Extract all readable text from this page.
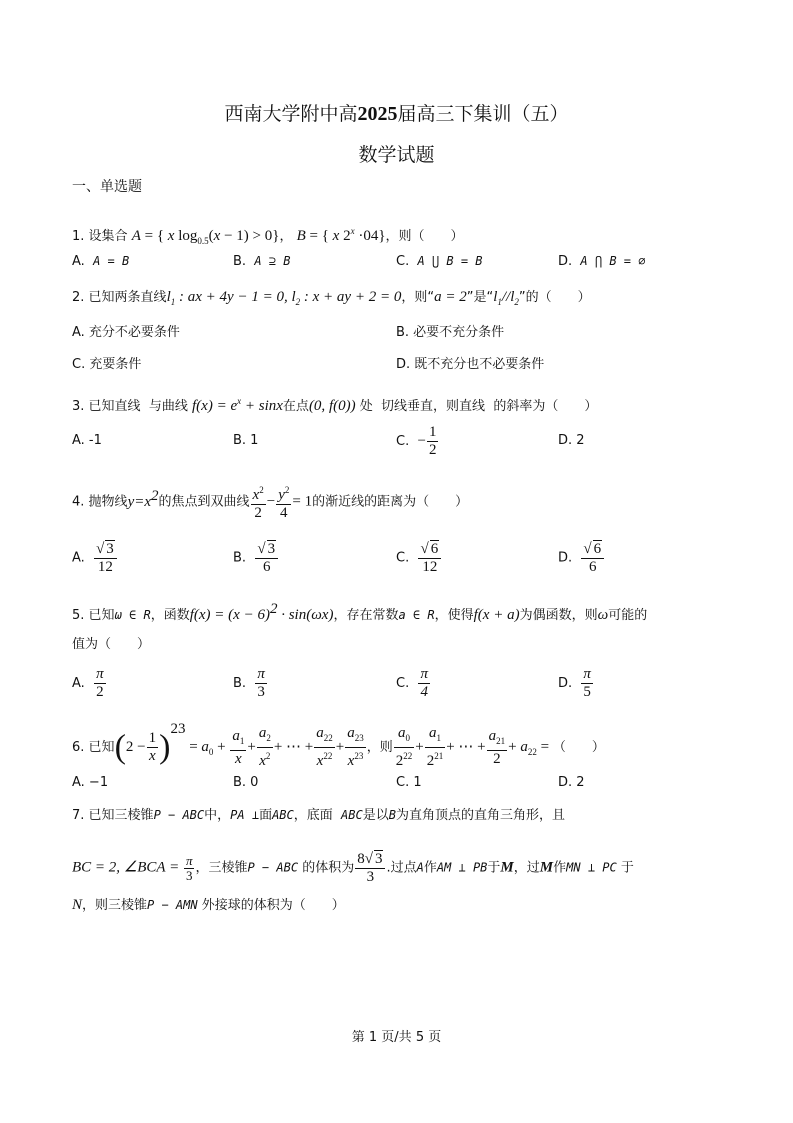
西南大学附中高2025届高三下集训（五）
数学试题
一、单选题
1. 设集合 A = { x $\log_{0.5}(x - 1) > 0$}， B = { x $2^x \cdot 04$}，则（　　）
A. A = B	B. A ⊇ B	C. A ⋃ B = B	D. A ⋂ B = ∅
2. 已知两条直线$l_1$ : ax + 4y − 1 = 0, $l_2$ : x + ay + 2 = 0，则“a = 2”是“$l_1//l_2$”的（　　）
A. 充分不必要条件	B. 必要不充分条件
C. 充要条件	D. 既不充分也不必要条件
3. 已知直线 与曲线 $f(x) = e^x + \sin x$在点(0, f(0)) 处 切线垂直，则直线 的斜率为（　　）
A. -1	B. 1	C. − $\frac{1}{2}$	D. 2
4. 抛物线$y=x^2$的焦点到双曲线 $\frac{x^2}{2} - \frac{y^2}{4} = 1$的渐近线的距离为（　　）
A. $\frac{√ 3}{12}$	B. $\frac{√ 3}{6}$	C. $\frac{√ 6}{12}$	D. $\frac{√ 6}{6}$
5. 已知ω ∈ R，函数$f(x) = (x - 6)^2 \cdot \sin(\omega x)$，存在常数a ∈ R，使得f(x + a)为偶函数，则ω可能的
值为（　　）
A. $\frac{\pi}{2}$	B. $\frac{\pi}{3}$	C. $\frac{\pi}{4}$	D. $\frac{\pi}{5}$
6. 已知$(2 - \frac{1}{x} )^{23} = a_0 + \frac{a_1}{x} + \frac{a_2}{x^2}$ + ⋯ + $\frac{a_{22}}{x^{22}} + \frac{a_{23}}{x^{23}}$ ，则 $\frac{a_0}{2^{22}} + \frac{a_1}{2^{21}}$ + ⋯ + $\frac{a_{21}}{2} + a_{22}$ = （　　）
A. −1	B. 0	C. 1	D. 2
7. 已知三棱锥P − ABC中，PA ⊥面ABC，底面 ABC是以B为直角顶点的直角三角形，且
BC = 2, ∠BCA = $\frac{\pi}{3}$ ，三棱锥P − ABC 的体积为 $\frac{8√ 3}{3}$ .过点A作AM ⊥ PB于M，过M作MN ⊥ PC 于
N，则三棱锥P − AMN 外接球的体积为（　　）
第 1 页/共 5 页
